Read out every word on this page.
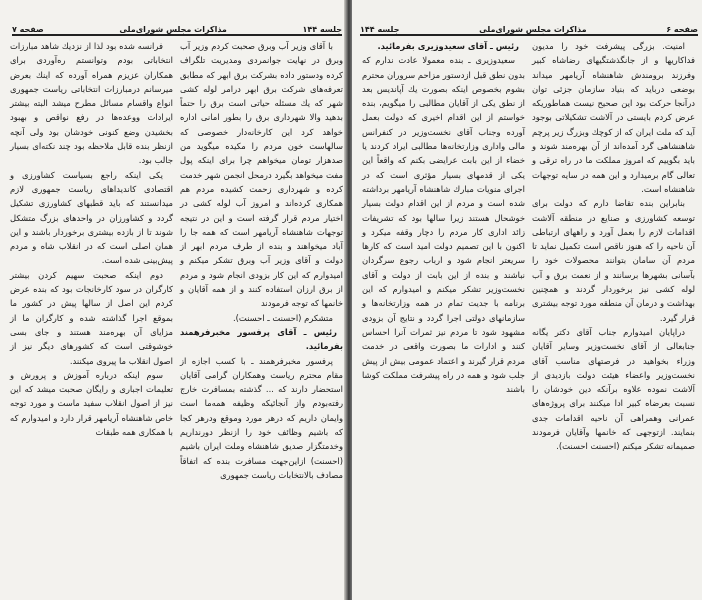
جلسه ۱۴۴
مذاکرات مجلس شورای‌ملی
صفحه ۷

با آقای وزیر آب وبرق صحبت کردم وزیر آب وبرق در نهایت جوانمردی ومدیریت تلگراف کرده ودستور داده بشرکت برق ابهر که مطابق تعرفه‌های شرکت برق ابهر درامر لوله کشی شهر که یك مسئله حیاتی است برق را حتماً بدهید والا شهرداری برق را بطور امانی اداره خواهد کرد این کارخانه‌دار خصوصی که سالهاست خون مردم را مکیده میگوید من صدهزار تومان میخواهم چرا برای اینکه پول مفت میخواهد بگیرد درمحل انجمن شهر خدمت کرده و شهرداری زحمت کشیده مردم هم همکاری کرده‌اند و امروز آب لوله کشی در اختیار مردم قرار گرفته است و این در نتیجه توجهات شاهنشاه آریامهر است که همه جا را آباد میخواهند و بنده از طرف مردم ابهر از دولت و آقای وزیر آب وبرق تشکر میکنم و امیدوارم که این کار بزودی انجام شود و مردم از برق ارزان استفاده کنند و از همه آقایان و خانمها که توجه فرمودند

متشکرم (احسنت ـ احسنت).

رئیس ـ آقای پرفسور مخبرفرهمند بفرمائید.

پرفسور مخبرفرهمند ـ با کسب اجازه از مقام محترم ریاست وهمکاران گرامی آقایان استحضار دارند که ... گذشته بمسافرت خارج رفته‌بودم واز آنجائیکه وظیفه همه‌ما است وایمان داریم که درهر مورد وموقع ودرهر کجا که باشیم وظائف خود را ازنظر دورنداریم وخدمتگزار صدیق شاهنشاه وملت ایران باشیم (احسنت) ازاین‌جهت مسافرت بنده که اتفاقاً مصادف بالانتخابات ریاست جمهوری

فرانسه شده بود لذا از نزدیك شاهد مبارزات انتخاباتی بودم وتوانستم ره‌آوردی برای همکاران عزیزم همراه آورده که اینك بعرض میرسانم درمبارزات انتخاباتی ریاست جمهوری انواع واقسام مسائل مطرح میشد البته بیشتر ایرادات ووعده‌ها در رفع نواقص و بهبود بخشیدن وضع کنونی خودشان بود ولی آنچه ازنظر بنده قابل ملاحظه بود چند نکته‌ای بسیار جالب بود.

یکی اینکه راجع بسیاست کشاورزی و اقتصادی کاندیداهای ریاست جمهوری لازم میدانستند که باید قطبهای کشاورزی تشکیل گردد و کشاورزان در واحدهای بزرگ متشکل شوند تا از بازده بیشتری برخوردار باشند و این همان اصلی است که در انقلاب شاه و مردم پیش‌بینی شده است.

دوم اینکه صحبت سهیم کردن بیشتر کارگران در سود کارخانجات بود که بنده عرض کردم این اصل از سالها پیش در کشور ما بموقع اجرا گذاشته شده و کارگران ما از مزایای آن بهره‌مند هستند و جای بسی خوشوقتی است که کشورهای دیگر نیز از اصول انقلاب ما پیروی میکنند.

سوم اینکه درباره آموزش و پرورش و تعلیمات اجباری و رایگان صحبت میشد که این نیز از اصول انقلاب سفید ماست و مورد توجه خاص شاهنشاه آریامهر قرار دارد و امیدوارم که با همکاری همه طبقات

صفحه ۶
مذاکرات مجلس شورای‌ملی
جلسه ۱۴۴

امنیت. بزرگی پیشرفت خود را مدیون فداکاریها و از جانگذشتگیهای رضاشاه کبیر وفرزند برومندش شاهنشاه آریامهر میداند بوضعی درباید که بنیاد سازمان جزئی توان درآنجا حرکت بود این صحیح نیست هماطوریکه عرض کردم بایستی در آلاشت تشکیلاتی بوجود آید که ملت ایران که از کوچك وبزرگ زیر پرچم شاهنشاهی گرد آمده‌اند از آن بهره‌مند شوند و باید بگوییم که امروز مملکت ما در راه ترقی و تعالی گام برمیدارد و این همه در سایه توجهات شاهنشاه است.

بنابراین بنده تقاضا دارم که دولت برای توسعه کشاورزی و صنایع در منطقه آلاشت اقدامات لازم را بعمل آورد و راههای ارتباطی آن ناحیه را که هنوز ناقص است تکمیل نماید تا مردم آن سامان بتوانند محصولات خود را بآسانی بشهرها برسانند و از نعمت برق و آب لوله کشی نیز برخوردار گردند و همچنین بهداشت و درمان آن منطقه مورد توجه بیشتری قرار گیرد.

دراپایان امیدوارم جناب آقای دکتر یگانه جنابعالی از آقای نخست‌وزیر وسایر آقایان وزراء بخواهید در فرصتهای مناسب آقای نخست‌وزیر واعضاء هیئت دولت بازدیدی از آلاشت نموده علاوه برآنکه دین خودشان را نسبت بعرضاه کبیر ادا میکنند برای پروژه‌های عمرانی وهمراهی آن ناحیه اقدامات جدی بنمایند. ازتوجهی که خانمها وآقایان فرمودند صمیمانه تشکر میکنم (احسنت احسنت).

رئیس ـ آقای سعیدوزیری بفرمائید.

سعیدوزیری ـ بنده معمولا عادت ندارم که بدون نطق قبل ازدستور مزاحم سروران محترم بشوم بخصوص اینکه بصورت یك آپاندیس بعد از نطق یکی از آقایان مطالبی را میگویم، بنده خواستم از این اقدام اخیری که دولت بعمل آورده وجناب آقای نخست‌وزیر در کنفرانس مالی واداری وزارتخانه‌ها مطالبی ایراد کردند یا خضاء از این بابت عرایضی بکنم که واقعاً این یکی از قدمهای بسیار مؤثری است که در اجرای منویات مبارك شاهنشاه آریامهر برداشته شده است و مردم از این اقدام دولت بسیار خوشحال هستند زیرا سالها بود که تشریفات زائد اداری کار مردم را دچار وقفه میکرد و اکنون با این تصمیم دولت امید است که کارها سریعتر انجام شود و ارباب رجوع سرگردان نباشند و بنده از این بابت از دولت و آقای نخست‌وزیر تشکر میکنم و امیدوارم که این برنامه با جدیت تمام در همه وزارتخانه‌ها و سازمانهای دولتی اجرا گردد و نتایج آن بزودی مشهود شود تا مردم نیز ثمرات آنرا احساس کنند و ادارات ما بصورت واقعی در خدمت مردم قرار گیرند و اعتماد عمومی بیش از پیش جلب شود و همه در راه پیشرفت مملکت کوشا باشند
